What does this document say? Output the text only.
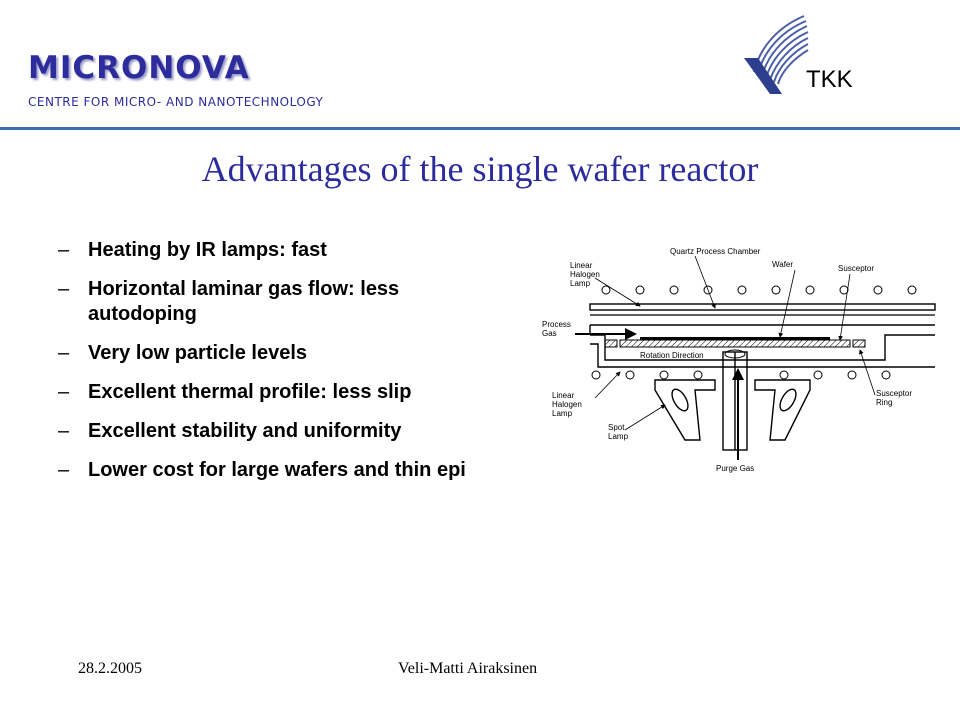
MICRONOVA
CENTRE FOR MICRO- AND NANOTECHNOLOGY
TKK
Advantages of the single wafer reactor
– Heating by IR lamps: fast
– Horizontal laminar gas flow: less autodoping
– Very low particle levels
– Excellent thermal profile: less slip
– Excellent stability and uniformity
– Lower cost for large wafers and thin epi
Linear
Halogen
Lamp
Quartz Process Chamber
Susceptor
Wafer
Process
Gas
Rotation Direction
Linear
Halogen
Lamp
Susceptor
Ring
Spot
Lamp
Purge Gas
28.2.2005	Veli-Matti Airaksinen
